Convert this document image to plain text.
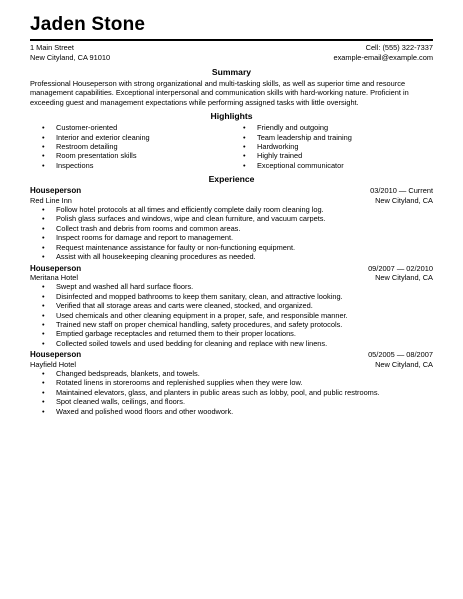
Jaden Stone
1 Main Street	Cell: (555) 322-7337
New Cityland, CA 91010	example-email@example.com
Summary

Professional Houseperson with strong organizational and multi-tasking skills, as well as superior time and resource management capabilities. Exceptional interpersonal and communication skills with hard-working nature. Proficient in exceeding guest and management expectations while performing assigned tasks with little oversight.

Highlights
• Customer-oriented
• Interior and exterior cleaning
• Restroom detailing
• Room presentation skills
• Inspections
• Friendly and outgoing
• Team leadership and training
• Hardworking
• Highly trained
• Exceptional communicator
Experience
Houseperson	03/2010 — Current
Red Line Inn	New Cityland, CA
• Follow hotel protocols at all times and efficiently complete daily room cleaning log.
• Polish glass surfaces and windows, wipe and clean furniture, and vacuum carpets.
• Collect trash and debris from rooms and common areas.
• Inspect rooms for damage and report to management.
• Request maintenance assistance for faulty or non-functioning equipment.
• Assist with all housekeeping cleaning procedures as needed.
Houseperson	09/2007 — 02/2010
Meritana Hotel	New Cityland, CA
• Swept and washed all hard surface floors.
• Disinfected and mopped bathrooms to keep them sanitary, clean, and attractive looking.
• Verified that all storage areas and carts were cleaned, stocked, and organized.
• Used chemicals and other cleaning equipment in a proper, safe, and responsible manner.
• Trained new staff on proper chemical handling, safety procedures, and safety protocols.
• Emptied garbage receptacles and returned them to their proper locations.
• Collected soiled towels and used bedding for cleaning and replace with new linens.
Houseperson	05/2005 — 08/2007
Hayfield Hotel	New Cityland, CA
• Changed bedspreads, blankets, and towels.
• Rotated linens in storerooms and replenished supplies when they were low.
• Maintained elevators, glass, and planters in public areas such as lobby, pool, and public restrooms.
• Spot cleaned walls, ceilings, and floors.
• Waxed and polished wood floors and other woodwork.
